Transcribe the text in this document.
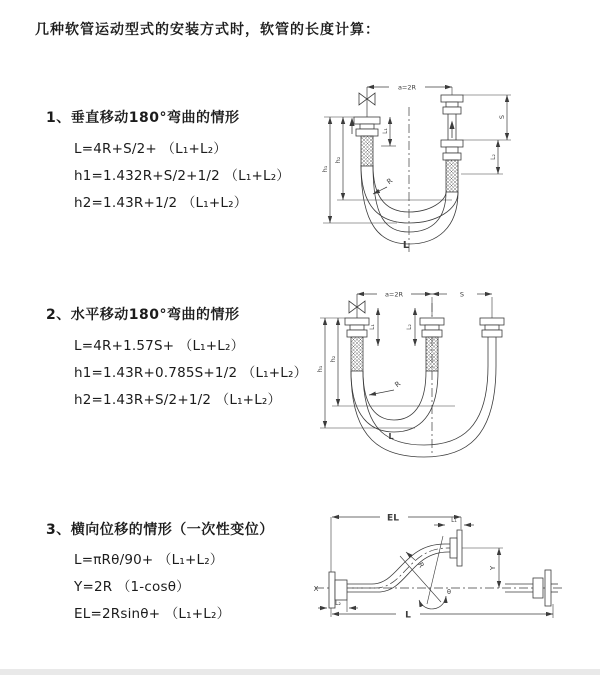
几种软管运动型式的安装方式时，软管的长度计算：
1、垂直移动180°弯曲的情形
L=4R+S/2+ （L₁+L₂）
h1=1.432R+S/2+1/2 （L₁+L₂）
h2=1.43R+1/2 （L₁+L₂）
2、水平移动180°弯曲的情形
L=4R+1.57S+ （L₁+L₂）
h1=1.43R+0.785S+1/2 （L₁+L₂）
h2=1.43R+S/2+1/2 （L₁+L₂）
3、横向位移的情形（一次性变位）
L=πRθ/90+ （L₁+L₂）
Y=2R （1-cosθ）
EL=2Rsinθ+ （L₁+L₂）
a=2R
h₁
h₂
L₁
S
L₂
R
L
a=2R	S
L₁	L₂
h₁
h₂
R
L
EL	L₁
Y
X
L₂
θ
R
L
